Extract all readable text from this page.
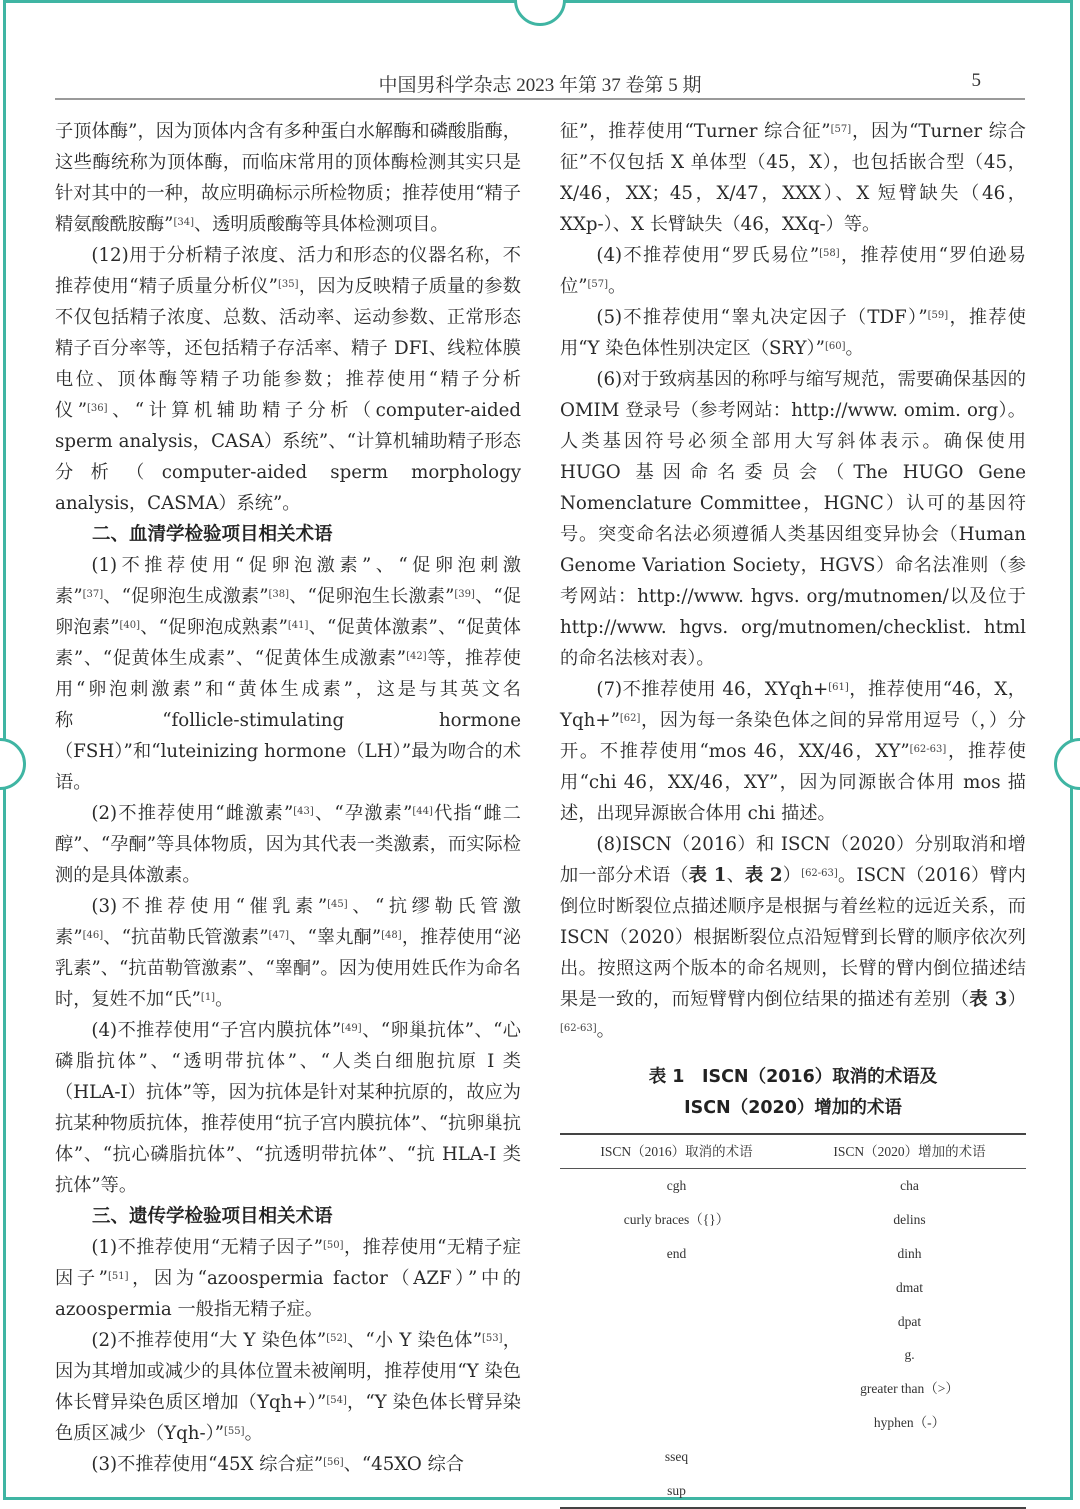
中国男科学杂志 2023 年第 37 卷第 5 期	5

子顶体酶”，因为顶体内含有多种蛋白水解酶和磷酸脂酶，这些酶统称为顶体酶，而临床常用的顶体酶检测其实只是针对其中的一种，故应明确标示所检物质；推荐使用“精子精氨酸酰胺酶”[34]、透明质酸酶等具体检测项目。

(12)用于分析精子浓度、活力和形态的仪器名称，不推荐使用“精子质量分析仪”[35]，因为反映精子质量的参数不仅包括精子浓度、总数、活动率、运动参数、正常形态精子百分率等，还包括精子存活率、精子 DFI、线粒体膜电位、顶体酶等精子功能参数；推荐使用“精子分析仪”[36]、“计算机辅助精子分析（computer-aided sperm analysis，CASA）系统”、“计算机辅助精子形态分析（computer-aided sperm morphology analysis，CASMA）系统”。

二、血清学检验项目相关术语

(1)不推荐使用“促卵泡激素”、“促卵泡刺激素”[37]、“促卵泡生成激素”[38]、“促卵泡生长激素”[39]、“促卵泡素”[40]、“促卵泡成熟素”[41]、“促黄体激素”、“促黄体素”、“促黄体生成素”、“促黄体生成激素”[42]等，推荐使用“卵泡刺激素”和“黄体生成素”，这是与其英文名称“follicle-stimulating hormone（FSH）”和“luteinizing hormone（LH）”最为吻合的术语。

(2)不推荐使用“雌激素”[43]、“孕激素”[44]代指“雌二醇”、“孕酮”等具体物质，因为其代表一类激素，而实际检测的是具体激素。

(3)不推荐使用“催乳素”[45]、“抗缪勒氏管激素”[46]、“抗苗勒氏管激素”[47]、“睾丸酮”[48]，推荐使用“泌乳素”、“抗苗勒管激素”、“睾酮”。因为使用姓氏作为命名时，复姓不加“氏”[1]。

(4)不推荐使用“子宫内膜抗体”[49]、“卵巢抗体”、“心磷脂抗体”、“透明带抗体”、“人类白细胞抗原 I 类（HLA-I）抗体”等，因为抗体是针对某种抗原的，故应为抗某种物质抗体，推荐使用“抗子宫内膜抗体”、“抗卵巢抗体”、“抗心磷脂抗体”、“抗透明带抗体”、“抗 HLA-I 类抗体”等。

三、遗传学检验项目相关术语

(1)不推荐使用“无精子因子”[50]，推荐使用“无精子症因子”[51]，因为“azoospermia factor（AZF）”中的 azoospermia 一般指无精子症。

(2)不推荐使用“大 Y 染色体”[52]、“小 Y 染色体”[53]，因为其增加或减少的具体位置未被阐明，推荐使用“Y 染色体长臂异染色质区增加（Yqh+）”[54]，“Y 染色体长臂异染色质区减少（Yqh-）”[55]。

(3)不推荐使用“45X 综合症”[56]、“45XO 综合

征”，推荐使用“Turner 综合征”[57]，因为“Turner 综合征”不仅包括 X 单体型（45，X），也包括嵌合型（45，X/46，XX；45，X/47，XXX）、X 短臂缺失（46，XXp-）、X 长臂缺失（46，XXq-）等。

(4)不推荐使用“罗氏易位”[58]，推荐使用“罗伯逊易位”[57]。

(5)不推荐使用“睾丸决定因子（TDF）”[59]，推荐使用“Y 染色体性别决定区（SRY）”[60]。

(6)对于致病基因的称呼与缩写规范，需要确保基因的 OMIM 登录号（参考网站：http://www. omim. org）。人类基因符号必须全部用大写斜体表示。确保使用 HUGO 基因命名委员会（The HUGO Gene Nomenclature Committee，HGNC）认可的基因符号。突变命名法必须遵循人类基因组变异协会（Human Genome Variation Society，HGVS）命名法准则（参考网站：http://www. hgvs. org/mutnomen/以及位于 http://www. hgvs. org/mutnomen/checklist. html 的命名法核对表）。

(7)不推荐使用 46，XYqh+[61]，推荐使用“46，X，Yqh+”[62]，因为每一条染色体之间的异常用逗号（，）分开。不推荐使用“mos 46，XX/46，XY”[62-63]，推荐使用“chi 46，XX/46，XY”，因为同源嵌合体用 mos 描述，出现异源嵌合体用 chi 描述。

(8)ISCN（2016）和 ISCN（2020）分别取消和增加一部分术语（表 1、表 2）[62-63]。ISCN（2016）臂内倒位时断裂位点描述顺序是根据与着丝粒的远近关系，而 ISCN（2020）根据断裂位点沿短臂到长臂的顺序依次列出。按照这两个版本的命名规则，长臂的臂内倒位描述结果是一致的，而短臂臂内倒位结果的描述有差别（表 3）[62-63]。

表 1　ISCN（2016）取消的术语及
ISCN（2020）增加的术语
ISCN（2016）取消的术语	ISCN（2020）增加的术语
cgh	cha
curly braces（{}）	delins
end	dinh
	dmat
	dpat
	g.
	greater than（>）
	hyphen（-）
sseq	
sup	
